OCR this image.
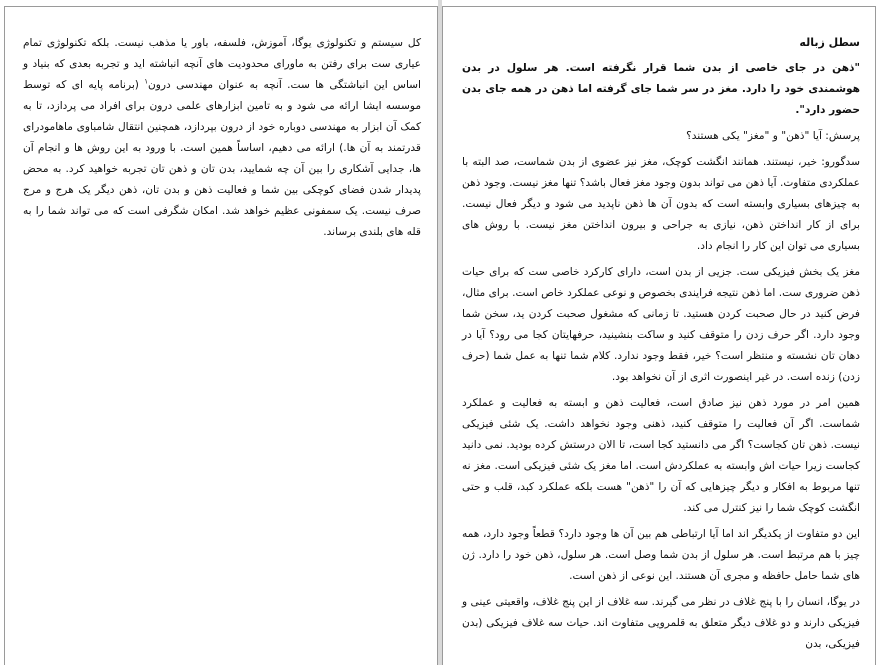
کل سیستم و تکنولوژی یوگا، آموزش، فلسفه، باور یا مذهب نیست. بلکه تکنولوژی تمام عیاری ست برای رفتن به ماورای محدودیت های آنچه انباشته اید و تجربه بعدی که بنیاد و اساس این انباشتگی ها ست. آنچه به عنوان مهندسی درون$^۱$ (برنامه پایه ای که توسط موسسه ایشا ارائه می شود و به تامین ابزارهای علمی درون برای افراد می پردازد، تا به کمک آن ابزار به مهندسی دوباره خود از درون بپردازد، همچنین انتقال شامباوی ماهامودرای قدرتمند به آن ها.) ارائه می دهیم، اساساً همین است. با ورود به این روش ها و انجام آن ها، جدایی آشکاری را بین آن چه شمایید، بدن تان و ذهن تان تجربه خواهید کرد. به محض پدیدار شدن فضای کوچکی بین شما و فعالیت ذهن و بدن تان، ذهن دیگر یک هرج و مرج صرف نیست. یک سمفونی عظیم خواهد شد. امکان شگرفی است که می تواند شما را به قله های بلندی برساند.

سطل زباله

"ذهن در جای خاصی از بدن شما قرار نگرفته است. هر سلول در بدن هوشمندی خود را دارد. مغز در سر شما جای گرفته اما ذهن در همه جای بدن حضور دارد".

پرسش: آیا "ذهن" و "مغز" یکی هستند؟

سدگورو: خیر، نیستند. همانند انگشت کوچک، مغز نیز عضوی از بدن شماست، صد البته با عملکردی متفاوت. آیا ذهن می تواند بدون وجود مغز فعال باشد؟ تنها مغز نیست. وجود ذهن به چیزهای بسیاری وابسته است که بدون آن ها ذهن ناپدید می شود و دیگر فعال نیست. برای از کار انداختن ذهن، نیازی به جراحی و بیرون انداختن مغز نیست. با روش های بسیاری می توان این کار را انجام داد.

مغز یک بخش فیزیکی ست. جزیی از بدن است، دارای کارکرد خاصی ست که برای حیات ذهن ضروری ست. اما ذهن نتیجه فرایندی بخصوص و نوعی عملکرد خاص است. برای مثال، فرض کنید در حال صحبت کردن هستید. تا زمانی که مشغول صحبت کردن ید، سخن شما وجود دارد. اگر حرف زدن را متوقف کنید و ساکت بنشینید، حرفهایتان کجا می رود؟ آیا در دهان تان نشسته و منتظر است؟ خیر، فقط وجود ندارد. کلام شما تنها به عمل شما (حرف زدن) زنده است. در غیر اینصورت اثری از آن نخواهد بود.

همین امر در مورد ذهن نیز صادق است، فعالیت ذهن و ابسته به فعالیت و عملکرد شماست. اگر آن فعالیت را متوقف کنید، ذهنی وجود نخواهد داشت. یک شئی فیزیکی نیست. ذهن تان کجاست؟ اگر می دانستید کجا است، تا الان درستش کرده بودید. نمی دانید کجاست زیرا حیات اش وابسته به عملکردش است. اما مغز یک شئی فیزیکی است. مغز نه تنها مربوط به افکار و دیگر چیزهایی که آن را "ذهن" هست بلکه عملکرد کبد، قلب و حتی انگشت کوچک شما را نیز کنترل می کند.

این دو متفاوت از یکدیگر اند اما آیا ارتباطی هم بین آن ها وجود دارد؟ قطعاً وجود دارد، همه چیز با هم مرتبط است. هر سلول از بدن شما وصل است. هر سلول، ذهن خود را دارد. ژن های شما حامل حافظه و مجری آن هستند. این نوعی از ذهن است.

در یوگا، انسان را با پنج غلاف در نظر می گیرند. سه غلاف از این پنج غلاف، واقعیتی عینی و فیزیکی دارند و دو غلاف دیگر متعلق به قلمرویی متفاوت اند. حیات سه غلاف فیزیکی (بدن فیزیکی، بدن
